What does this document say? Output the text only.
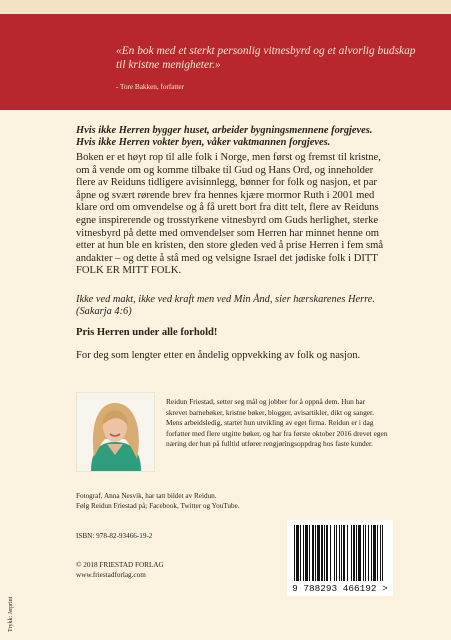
«En bok med et sterkt personlig vitnesbyrd og et alvorlig budskap til kristne menigheter.»
- Tore Bakken, forfatter
Hvis ikke Herren bygger huset, arbeider bygningsmennene forgjeves.
Hvis ikke Herren vokter byen, våker vaktmannen forgjeves.
Boken er et høyt rop til alle folk i Norge, men først og fremst til kristne, om å vende om og komme tilbake til Gud og Hans Ord, og inneholder flere av Reiduns tidligere avisinnlegg, bønner for folk og nasjon, et par åpne og svært rørende brev fra hennes kjære mormor Ruth i 2001 med klare ord om omvendelse og å få urett bort fra ditt telt, flere av Reiduns egne inspirerende og trosstyrkene vitnesbyrd om Guds herlighet, sterke vitnesbyrd på dette med omvendelser som Herren har minnet henne om etter at hun ble en kristen, den store gleden ved å prise Herren i fem små andakter – og dette å stå med og velsigne Israel det jødiske folk i DITT FOLK ER MITT FOLK.
Ikke ved makt, ikke ved kraft men ved Min Ånd, sier hærskarenes Herre. (Sakarja 4:6)
Pris Herren under alle forhold!
For deg som lengter etter en åndelig oppvekking av folk og nasjon.
Reidun Friestad, setter seg mål og jobber for å oppnå dem. Hun har skrevet barnebøker, kristne bøker, blogger, avisartikler, dikt og sanger. Mens arbeidsledig, startet hun utvikling av eget firma. Reidun er i dag forfatter med flere utgitte bøker, og har fra første oktober 2016 drevet egen næring der hun på fulltid utfører rengjøringsoppdrag hos faste kunder.
Fotograf, Anna Nesvik, har tatt bildet av Reidun.
Følg Reidun Friestad på; Facebook, Twitter og YouTube.
ISBN: 978-82-93466-19-2
© 2018 FRIESTAD FORLAG
www.friestadforlag.com
9 788293 466192 >
Trykk: Jæprint
